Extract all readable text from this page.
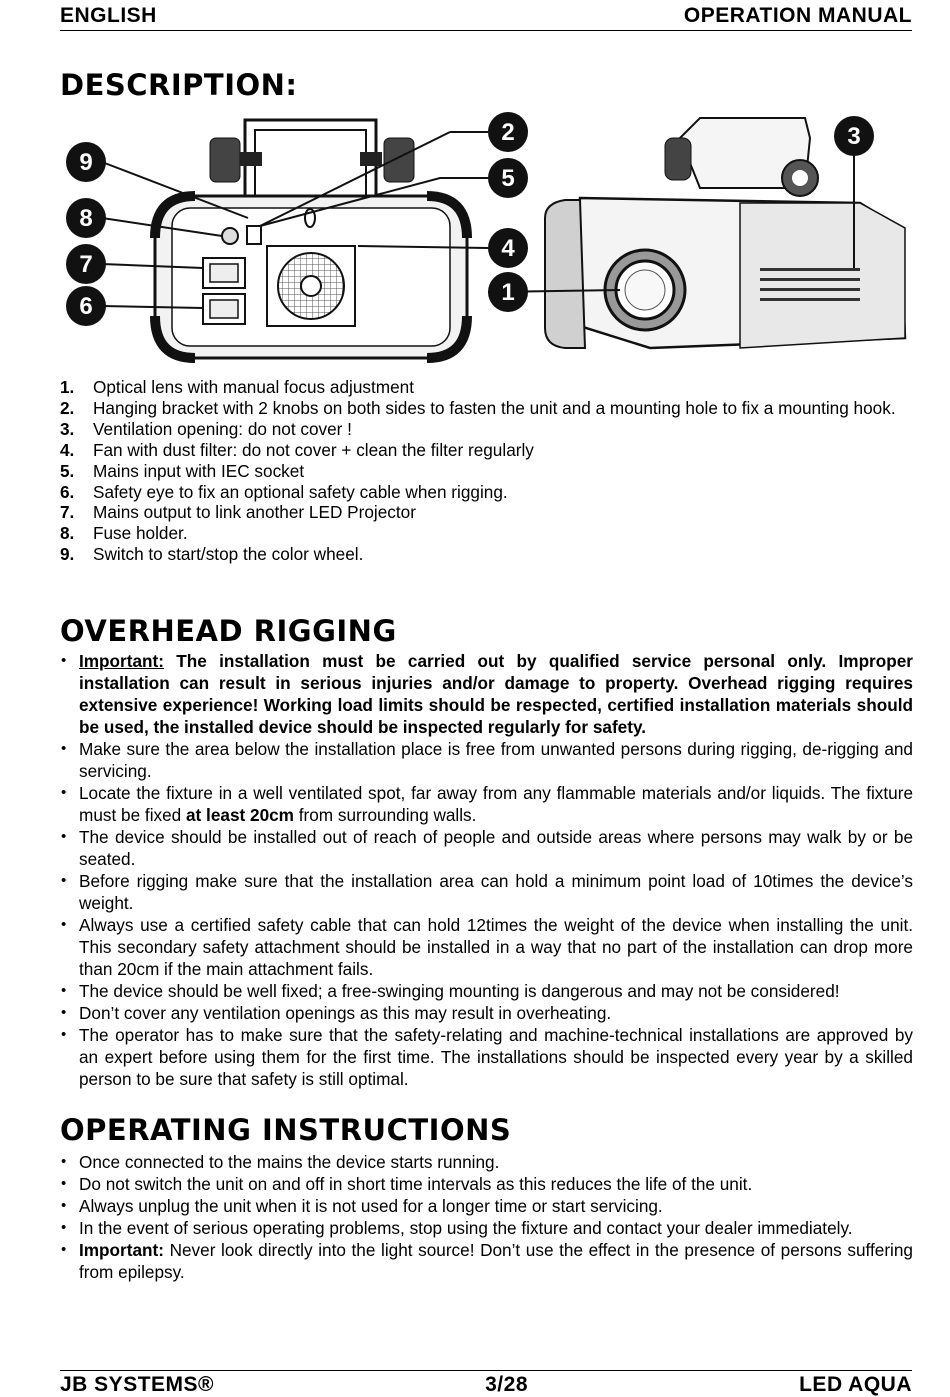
ENGLISH	OPERATION MANUAL
DESCRIPTION:
9
8
7
6
2
5
4
1
3
1.	Optical lens with manual focus adjustment
2.	Hanging bracket with 2 knobs on both sides to fasten the unit and a mounting hole to fix a mounting hook.
3.	Ventilation opening: do not cover !
4.	Fan with dust filter: do not cover + clean the filter regularly
5.	Mains input with IEC socket
6.	Safety eye to fix an optional safety cable when rigging.
7.	Mains output to link another LED Projector
8.	Fuse holder.
9.	Switch to start/stop the color wheel.
OVERHEAD RIGGING
• Important: The installation must be carried out by qualified service personal only. Improper installation can result in serious injuries and/or damage to property. Overhead rigging requires extensive experience! Working load limits should be respected, certified installation materials should be used, the installed device should be inspected regularly for safety.
• Make sure the area below the installation place is free from unwanted persons during rigging, de-rigging and servicing.
• Locate the fixture in a well ventilated spot, far away from any flammable materials and/or liquids. The fixture must be fixed at least 20cm from surrounding walls.
• The device should be installed out of reach of people and outside areas where persons may walk by or be seated.
• Before rigging make sure that the installation area can hold a minimum point load of 10times the device’s weight.
• Always use a certified safety cable that can hold 12times the weight of the device when installing the unit. This secondary safety attachment should be installed in a way that no part of the installation can drop more than 20cm if the main attachment fails.
• The device should be well fixed; a free-swinging mounting is dangerous and may not be considered!
• Don’t cover any ventilation openings as this may result in overheating.
• The operator has to make sure that the safety-relating and machine-technical installations are approved by an expert before using them for the first time. The installations should be inspected every year by a skilled person to be sure that safety is still optimal.
OPERATING INSTRUCTIONS
• Once connected to the mains the device starts running.
• Do not switch the unit on and off in short time intervals as this reduces the life of the unit.
• Always unplug the unit when it is not used for a longer time or start servicing.
• In the event of serious operating problems, stop using the fixture and contact your dealer immediately.
• Important: Never look directly into the light source! Don’t use the effect in the presence of persons suffering from epilepsy.
JB SYSTEMS®	3/28	LED AQUA
